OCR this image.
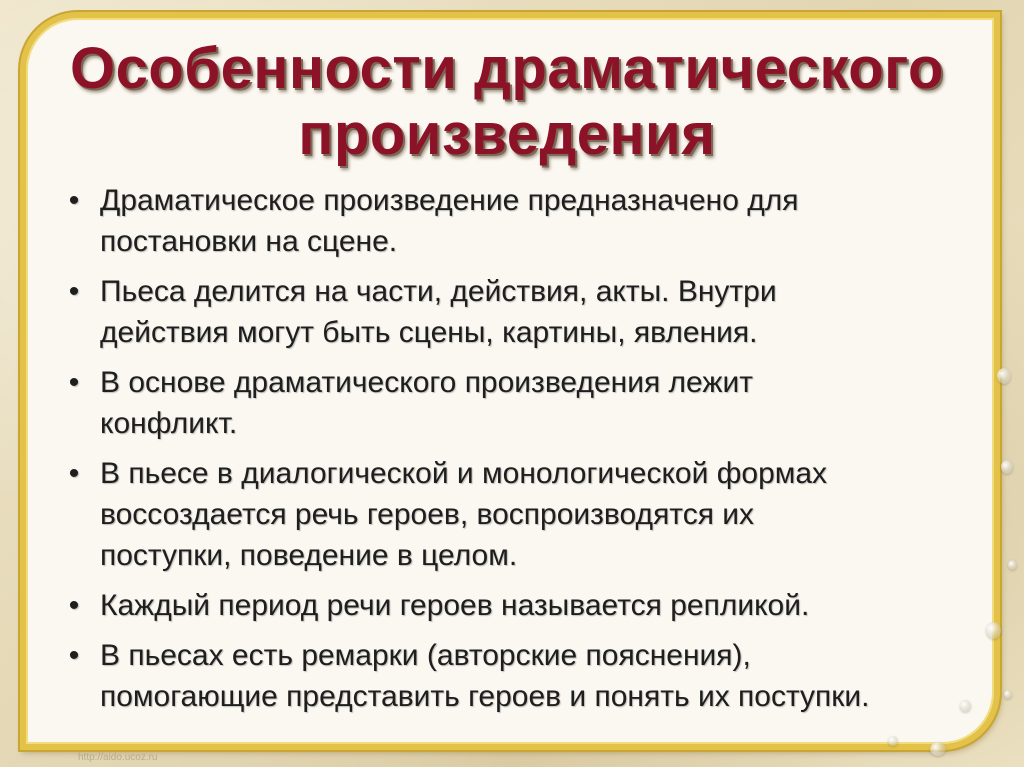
Особенности драматического
произведения
• Драматическое произведение предназначено для
постановки на сцене.
• Пьеса делится на части, действия, акты. Внутри
действия могут быть сцены, картины, явления.
• В основе драматического произведения лежит
конфликт.
• В пьесе в диалогической и монологической формах
воссоздается речь героев, воспроизводятся их
поступки, поведение в целом.
• Каждый период речи героев называется репликой.
• В пьесах есть ремарки (авторские пояснения),
помогающие представить героев и понять их поступки.
http://aido.ucoz.ru
